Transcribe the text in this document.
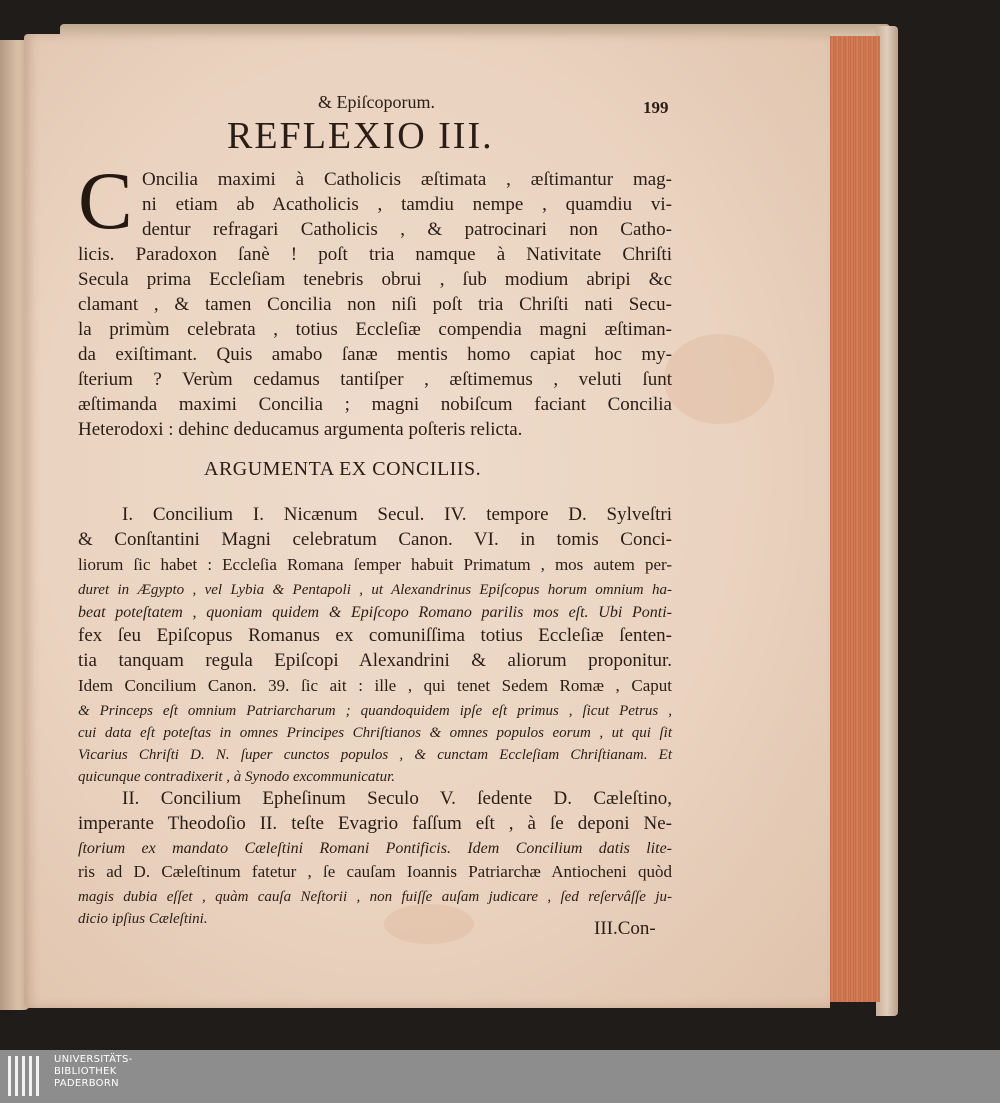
& Epiſcoporum.	199
REFLEXIO III.
C Oncilia maximi à Catholicis æſtimata , æſtimantur mag-
ni etiam ab Acatholicis , tamdiu nempe , quamdiu vi-
dentur refragari Catholicis , & patrocinari non Catho-
licis. Paradoxon ſanè ! poſt tria namque à Nativitate Chriſti
Secula prima Eccleſiam tenebris obrui , ſub modium abripi &c
clamant , & tamen Concilia non niſi poſt tria Chriſti nati Secu-
la primùm celebrata , totius Eccleſiæ compendia magni æſtiman-
da exiſtimant. Quis amabo ſanæ mentis homo capiat hoc my-
ſterium ? Verùm cedamus tantiſper , æſtimemus , veluti ſunt
æſtimanda maximi Concilia ; magni nobiſcum faciant Concilia
Heterodoxi : dehinc deducamus argumenta poſteris relicta.
ARGUMENTA EX CONCILIIS.
I. Concilium I. Nicænum Secul. IV. tempore D. Sylveſtri
& Conſtantini Magni celebratum Canon. VI. in tomis Conci-
liorum ſic habet : Eccleſia Romana ſemper habuit Primatum , mos autem per-
duret in Ægypto , vel Lybia & Pentapoli , ut Alexandrinus Epiſcopus horum omnium ha-
beat poteſtatem , quoniam quidem & Epiſcopo Romano parilis mos eſt. Ubi Ponti-
fex ſeu Epiſcopus Romanus ex comuniſſima totius Eccleſiæ ſenten-
tia tanquam regula Epiſcopi Alexandrini & aliorum proponitur.
Idem Concilium Canon. 39. ſic ait : ille , qui tenet Sedem Romæ , Caput
& Princeps eſt omnium Patriarcharum ; quandoquidem ipſe eſt primus , ſicut Petrus ,
cui data eſt poteſtas in omnes Principes Chriſtianos & omnes populos eorum , ut qui ſit
Vicarius Chriſti D. N. ſuper cunctos populos , & cunctam Eccleſiam Chriſtianam. Et
quicunque contradixerit , à Synodo excommunicatur.
II. Concilium Epheſinum Seculo V. ſedente D. Cæleſtino,
imperante Theodoſio II. teſte Evagrio faſſum eſt , à ſe deponi Ne-
ſtorium ex mandato Cæleſtini Romani Pontificis. Idem Concilium datis lite-
ris ad D. Cæleſtinum fatetur , ſe cauſam Ioannis Patriarchæ Antiocheni quòd
magis dubia eſſet , quàm cauſa Neſtorii , non fuiſſe auſam judicare , ſed reſervâſſe ju-
dicio ipſius Cæleſtini.	III.Con-
UNIVERSITÄTS-
BIBLIOTHEK
PADERBORN
